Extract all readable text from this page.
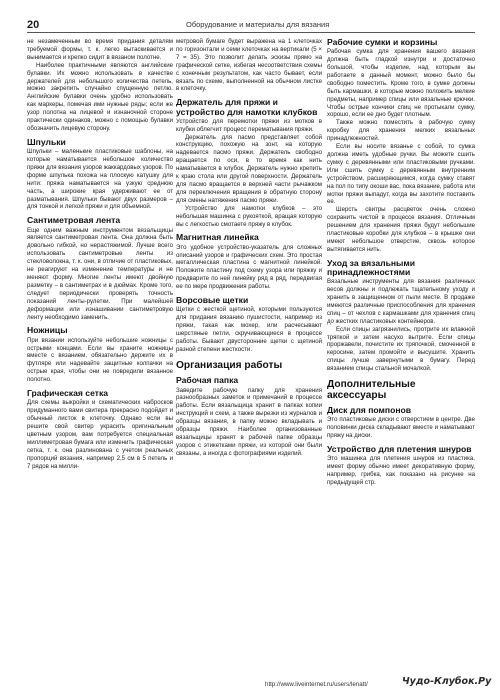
20	Оборудование и материалы для вязания

не незамеченным во время придания деталям требуемой формы, т. к. легко вытаскивается и вынимается и крепко сидит в вязаном полотне.

Наиболее практичными являются английские булавки. Их можно использовать в качестве держателей для небольшого количества петель, можно закрепить случайно спущенную петлю. Английские булавки очень удобно использовать как маркеры, помечая ими нужные ряды; если же узор полотна на лицевой и изнаночной стороне практически одинаков, можно с помощью булавки обозначить лицевую сторону.

Шпульки

Шпульки – маленькие пластиковые шаблоны, на которые наматывается небольшое количество пряжи для вязания узоров жаккардовых узоров. По форме шпулька похожа на плоскую катушку для нити: пряжа наматывается на узкую среднюю часть, а широкие края удерживают ее от разматывания. Шпульки бывают двух размеров – для тонкой и легкой пряжи и для объемной.

Сантиметровая лента

Еще одним важным инструментом вязальщицы является сантиметровая лента. Она должна быть довольно гибкой, но нерастяжимой. Лучше всего использовать сантиметровые ленты из стекловолокна, т. к. они, в отличие от пластиковых, не реагируют на изменение температуры и не меняют форму. Многие ленты имеют двойную разметку – в сантиметрах и в дюймах. Кроме того, следует периодически проверять точность показаний ленты-рулетки. При малейшей деформации или изнашивании сантиметровую ленту необходимо заменить.

Ножницы

При вязании используйте небольшие ножницы с острыми концами. Если вы храните ножницы вместе с вязанием, обязательно держите их в футляре или надевайте защитные колпачки на острые края, чтобы они не повредили вязанное полотно.

Графическая сетка

Для схемы выкройки и схематических набросков придуманного вами свитера прекрасно подойдет и обычный листок в клеточку. Однако если вы решите свой свитер украсить оригинальным цветным узором, вам потребуется специальная миллиметровая бумага или изменить графическая сетка, т. к. она разлинована с учетом реальных пропорций вязания, например 2,5 см в 5 петель и 7 рядов на милли-

метровой бумаге будет выражена на 1 клеточках по горизонтали и семи клеточках на вертикали (5 × 7 = 35). Это позволит делать эскизы прямо на графической сетке, избегая несоответствия схемы с конечным результатом, как часто бывает, если вязать по схеме, выполненной на обычном листке в клеточку.

Держатель для пряжи и устройство для намотки клубков

Устройство для перемотки пряжи из мотков в клубки облегчит процесс перематывания пряжи.

Держатель для пасмо представляет собой конструкцию, похожую на зонт, на которую надевается пасмо пряжи. Держатель свободно вращается по оси, в то время как нить наматывается в клубок. Держатель нужно крепить к краю стола или другой поверхности. Держатель для пасмо вращается в верхней части рычажком для переключения вращения в обратную сторону для смены натяжения пасмо пряжи.

Устройство для намотки клубков – это небольшая машинка с рукояткой, вращая которую вы с легкостью смотаете пряжу в клубок.

Магнитная линейка

Это удобное устройство-указатель для сложных описаний узоров и графических схем. Это простая металлическая пластина с магнитной линейкой. Положите пластину под схему узора или пряжку и предварите по ней линейку ряд в ряд, передвигая ее по мере продвижения работы.

Ворсовые щетки

Щетки с жесткой щетиной, которыми пользуются для придания вязанию пушистости, например из пряжи, такая как мохер, или расчесывают шерстяные петли, скручивающиеся в процессе работы. Бывают двусторонние щетки с щетиной разной степени жесткости.

Организация работы
Рабочая папка

Заведите рабочую папку для хранения разнообразных заметок и примечаний в процессе работы. Если вязальщица хранит в папках копии инструкций и схем, а также вырезки из журналов и образцы вязания, в папку можно вкладывать и образцы пряжи. Наиболее организованные вязальщицы хранят в рабочей папке образцы узоров с этикетками пряжи, из которой они были связаны, а иногда с фотографиями изделий.

Рабочие сумки и корзины

Рабочая сумка для хранения вашего вязания должна быть гладкой изнутри и достаточно большой, чтобы изделие, над которым вы работаете в данный момент, можно было бы свободно поместить. Кроме того, в сумке должны быть кармашки, в которые можно положить мелкие предметы, например спицы или вязальные крючки. Чтобы острые кончики спиц не протыкали сумку, хорошо, если ее дно будет плотным.

Также можно поместить в рабочую сумку коробку для хранения мелких вязальных принадлежностей.

Если вы носите вязанье с собой, то сумка должна иметь удобные ручки. Вы можете сшить сумку с деревянными или пластиковыми ручками. Или сшить сумку с деревянным внутренним устройством, расширяющимся, когда сумку ставят на пол по типу окоши вас, пока вязание, работа или мотки пряжи выпадут, когда вы захотите поставить ее.

Шерсть свитры расцветок очень сложно сохранить чистой в процессе вязания. Отличным решением для хранения пряжи будут небольшие пластиковые коробки для клубков – в крышке они имеют небольшое отверстие, сквозь которое вытягивается нить.

Уход за вязальными принадлежностями

Вязальные инструменты для вязания различных весов должны и подлежать тщательному уходу и хранить в защищенном от пыли месте. В продаже имеются различные приспособления для хранения спиц – от чехлов с кармашками для хранения спиц до жестких пластиковых контейнеров.

Если спицы загрязнились, протрите их влажной тряпкой и затем насухо вытрите. Если спицы проржавели, почистите их тряпочкой, смоченной в керосине, затем промойте и высушите. Хранить спицы лучше завернутыми в бумагу. Перед вязанием спицы стальной мочалкой.

Дополнительные аксессуары
Диск для помпонов

Это пластиковые диски с отверстием в центре. Две половинки диска складывают вместе и наматывают пряжу на диски.

Устройство для плетения шнуров

Это машинка для плетения шнуров из пластика, имеет форму обычно имеет декоративную форму, например, грибка, как показано на рисунке на предыдущей стр.

http://www.liveinternet.ru/users/lenatt/	Чудо-Клубок.Ру
